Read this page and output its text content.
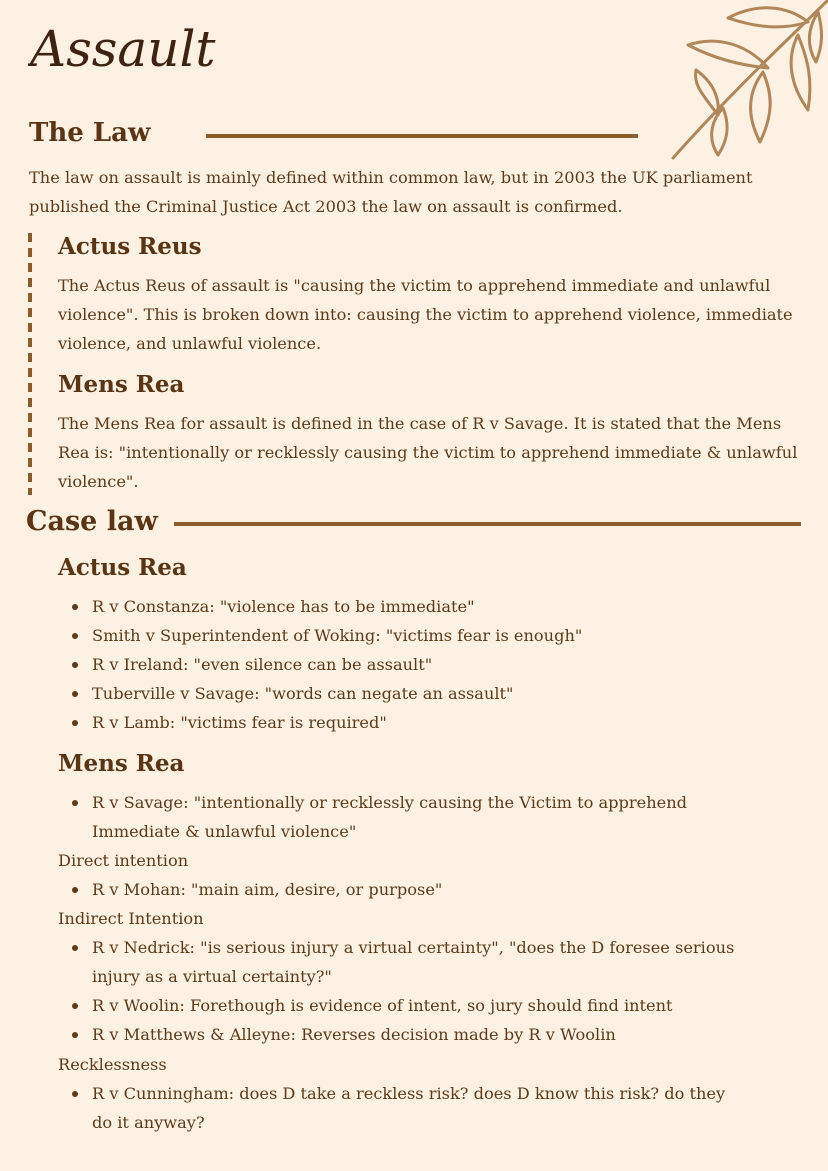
Assault
The Law

The law on assault is mainly defined within common law, but in 2003 the UK parliament published the Criminal Justice Act 2003 the law on assault is confirmed.

Actus Reus

The Actus Reus of assault is "causing the victim to apprehend immediate and unlawful violence". This is broken down into: causing the victim to apprehend violence, immediate violence, and unlawful violence.

Mens Rea

The Mens Rea for assault is defined in the case of R v Savage. It is stated that the Mens Rea is: "intentionally or recklessly causing the victim to apprehend immediate & unlawful violence".

Case law
Actus Rea
R v Constanza: "violence has to be immediate"
Smith v Superintendent of Woking: "victims fear is enough"
R v Ireland: "even silence can be assault"
Tuberville v Savage: "words can negate an assault"
R v Lamb: "victims fear is required"
Mens Rea
R v Savage: "intentionally or recklessly causing the Victim to apprehend Immediate & unlawful violence"

Direct intention

R v Mohan: "main aim, desire, or purpose"

Indirect Intention

R v Nedrick: "is serious injury a virtual certainty", "does the D foresee serious injury as a virtual certainty?"
R v Woolin: Forethough is evidence of intent, so jury should find intent
R v Matthews & Alleyne: Reverses decision made by R v Woolin

Recklessness

R v Cunningham: does D take a reckless risk? does D know this risk? do they do it anyway?
